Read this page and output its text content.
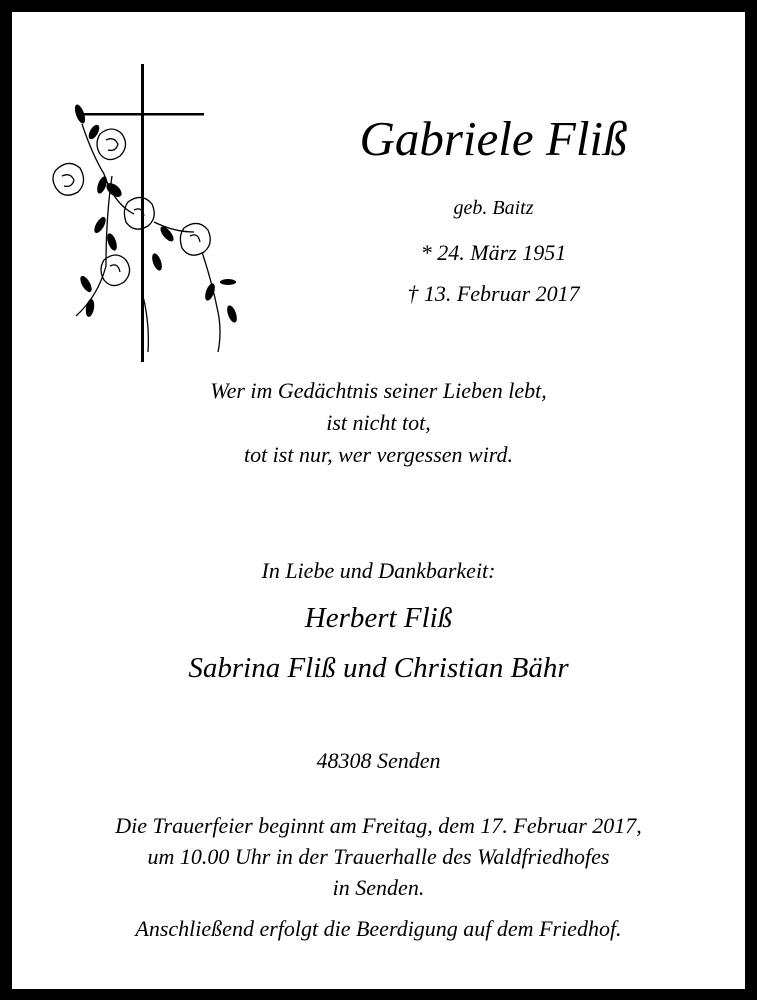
Gabriele Fliß
geb. Baitz
* 24. März 1951
† 13. Februar 2017
Wer im Gedächtnis seiner Lieben lebt,
ist nicht tot,
tot ist nur, wer vergessen wird.
In Liebe und Dankbarkeit:
Herbert Fliß
Sabrina Fliß und Christian Bähr
48308 Senden
Die Trauerfeier beginnt am Freitag, dem 17. Februar 2017,
um 10.00 Uhr in der Trauerhalle des Waldfriedhofes
in Senden.
Anschließend erfolgt die Beerdigung auf dem Friedhof.
